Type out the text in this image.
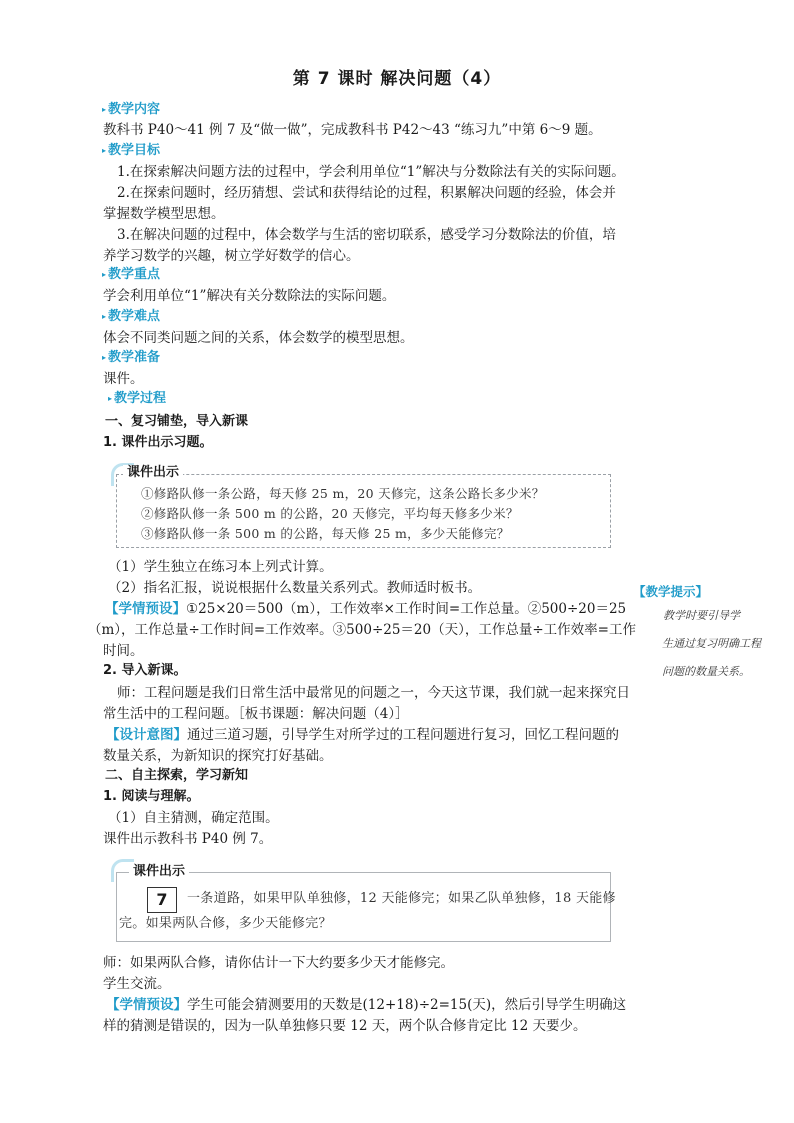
第 7 课时 解决问题（4）
▸ 教学内容
教科书 P40～41 例 7 及“做一做”，完成教科书 P42～43 “练习九”中第 6～9 题。
▸ 教学目标
1.在探索解决问题方法的过程中，学会利用单位“1”解决与分数除法有关的实际问题。
2.在探索问题时，经历猜想、尝试和获得结论的过程，积累解决问题的经验，体会并
掌握数学模型思想。
3.在解决问题的过程中，体会数学与生活的密切联系，感受学习分数除法的价值，培
养学习数学的兴趣，树立学好数学的信心。
▸ 教学重点
学会利用单位“1”解决有关分数除法的实际问题。
▸ 教学难点
体会不同类问题之间的关系，体会数学的模型思想。
▸ 教学准备
课件。
▸ 教学过程
一、复习铺垫，导入新课
1. 课件出示习题。
课件出示
①修路队修一条公路，每天修 25 m，20 天修完，这条公路长多少米？
②修路队修一条 500 m 的公路，20 天修完，平均每天修多少米？
③修路队修一条 500 m 的公路，每天修 25 m，多少天能修完？
（1）学生独立在练习本上列式计算。
（2）指名汇报，说说根据什么数量关系列式。教师适时板书。
【学情预设】①25×20＝500（m），工作效率×工作时间=工作总量。②500÷20＝25
（m），工作总量÷工作时间=工作效率。③500÷25＝20（天），工作总量÷工作效率=工作
时间。
2. 导入新课。
师：工程问题是我们日常生活中最常见的问题之一，今天这节课，我们就一起来探究日
常生活中的工程问题。［板书课题：解决问题（4）］
【设计意图】通过三道习题，引导学生对所学过的工程问题进行复习，回忆工程问题的
数量关系，为新知识的探究打好基础。
二、自主探索，学习新知
1. 阅读与理解。
（1）自主猜测，确定范围。
课件出示教科书 P40 例 7。
课件出示
7	一条道路，如果甲队单独修，12 天能修完；如果乙队单独修，18 天能修
完。如果两队合修，多少天能修完？
师：如果两队合修，请你估计一下大约要多少天才能修完。
学生交流。
【学情预设】学生可能会猜测要用的天数是(12+18)÷2=15(天)，然后引导学生明确这
样的猜测是错误的，因为一队单独修只要 12 天，两个队合修肯定比 12 天要少。
【教学提示】
教学时要引导学
生通过复习明确工程
问题的数量关系。
